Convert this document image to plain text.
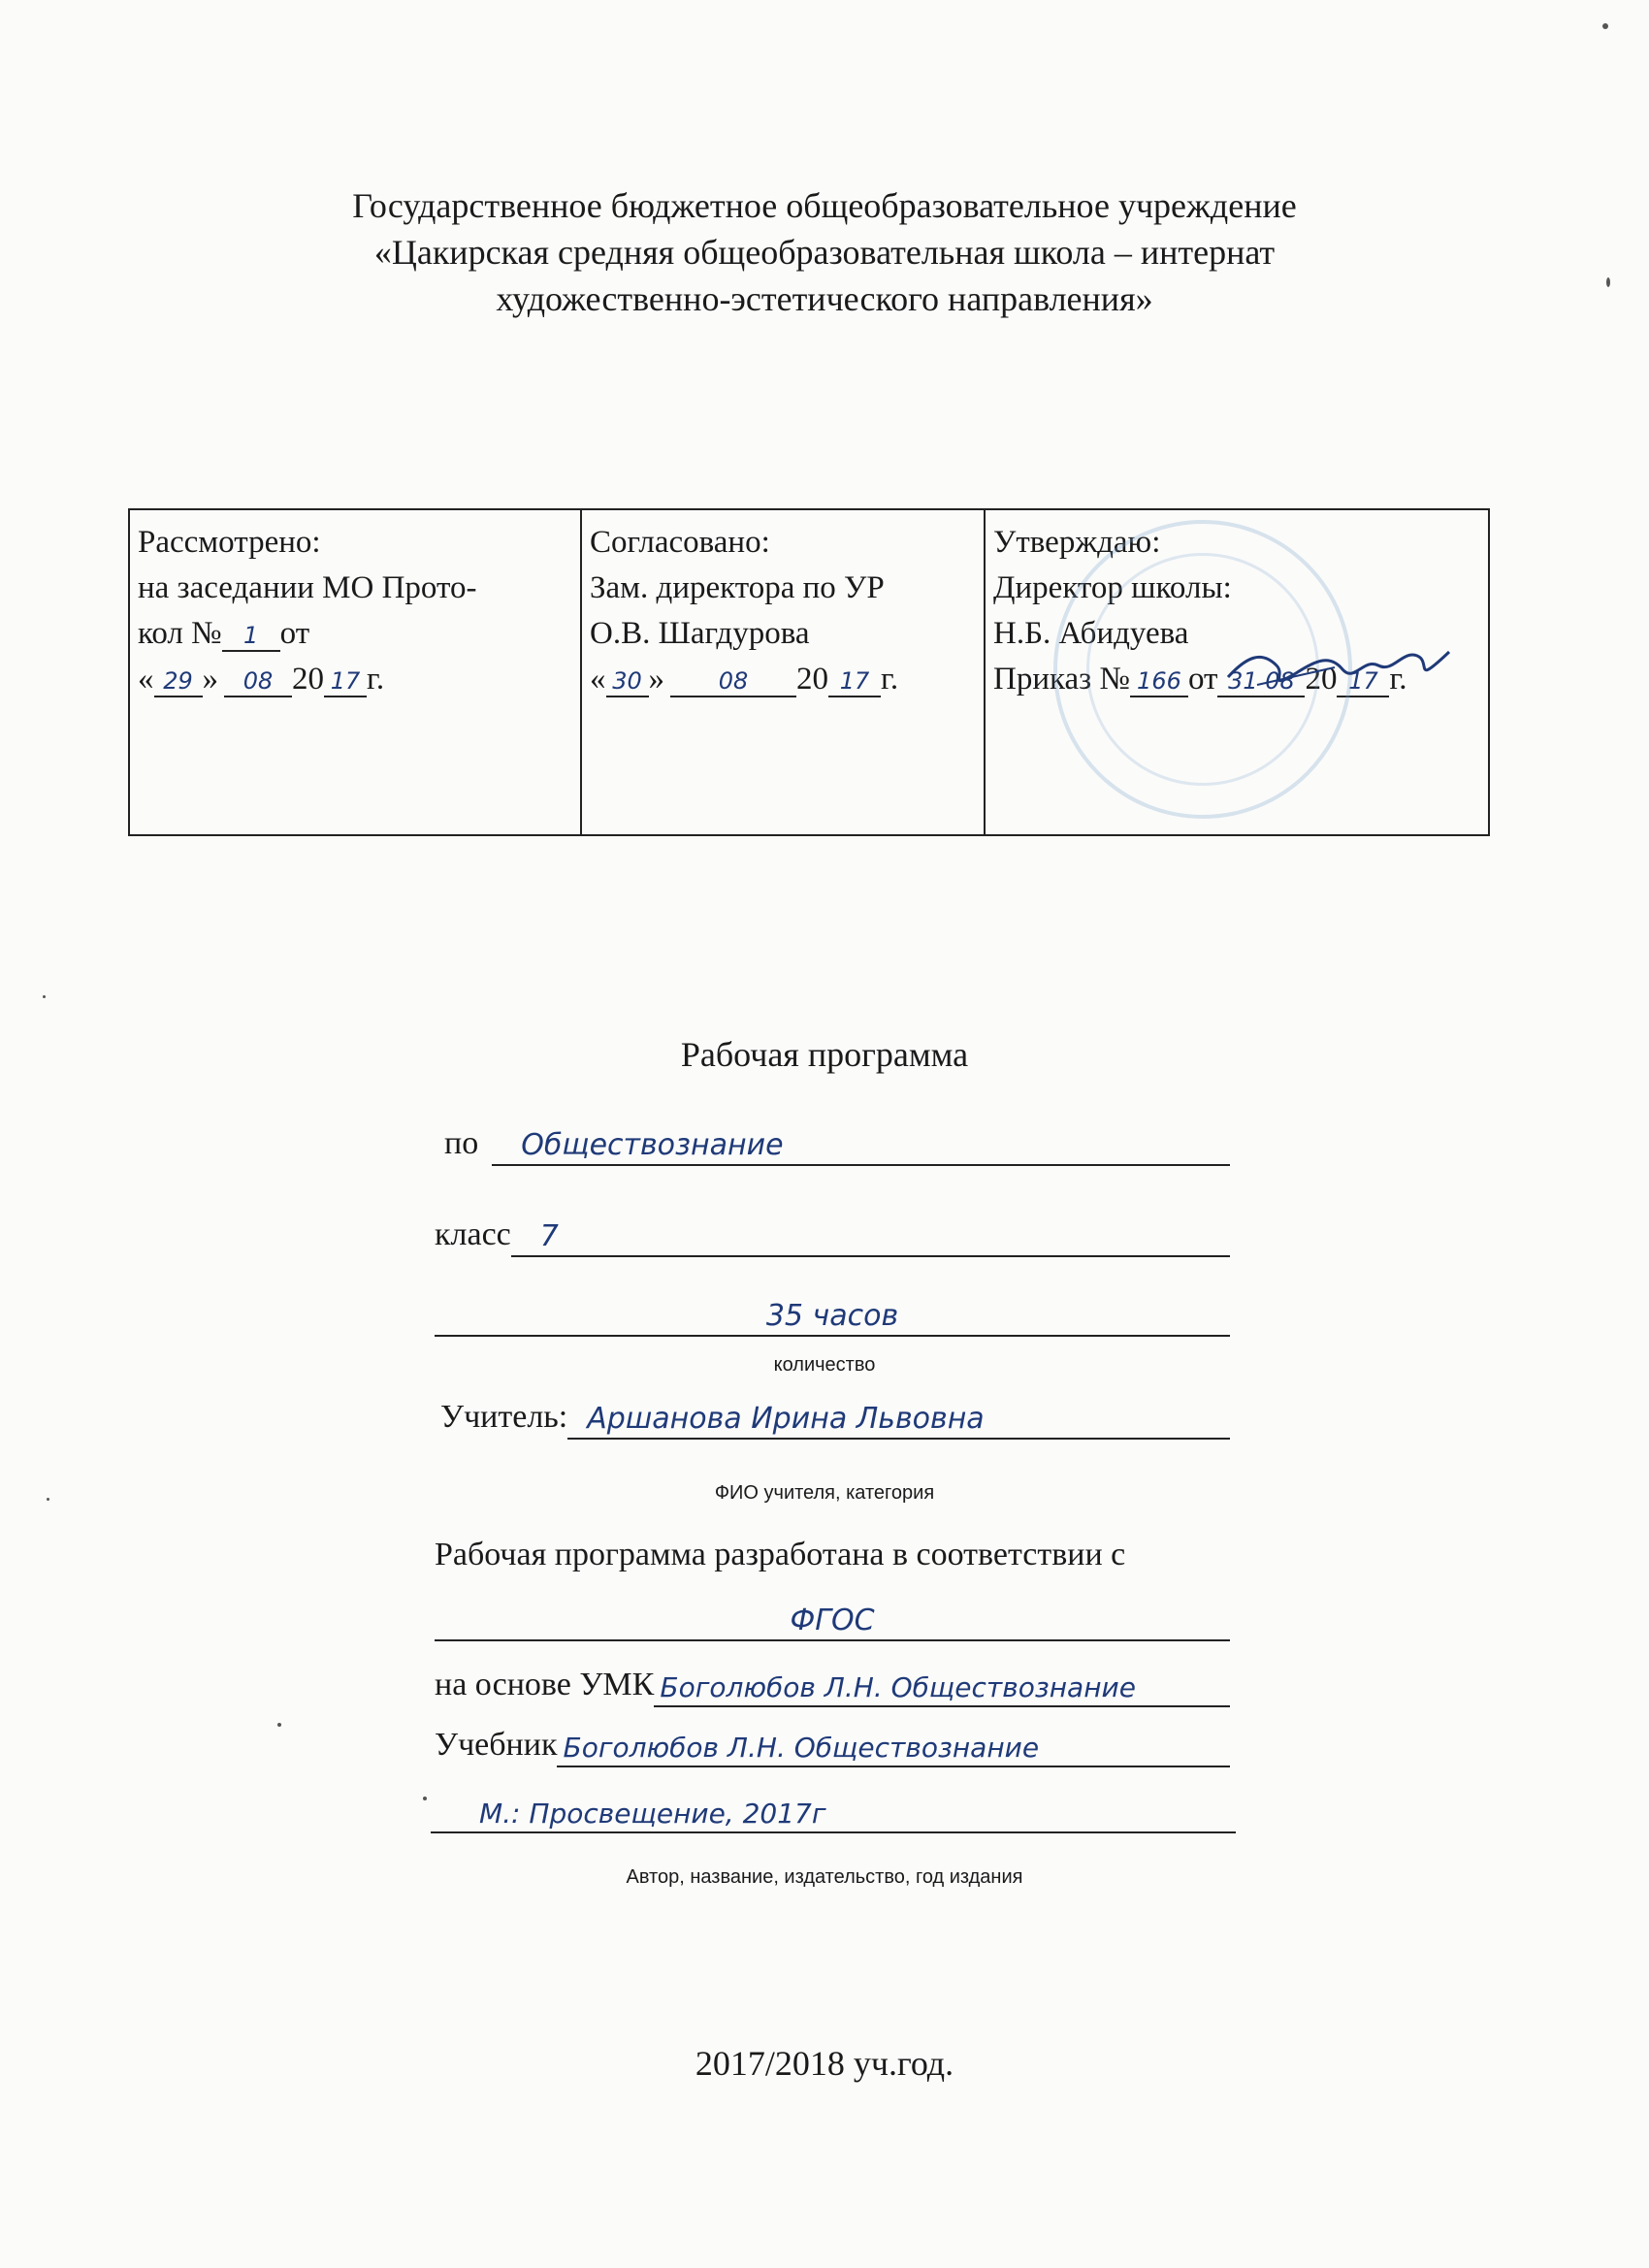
Государственное бюджетное общеобразовательное учреждение
«Цакирская средняя общеобразовательная школа – интернат
художественно-эстетического направления»
Рассмотрено:
на заседании МО Прото-
кол № 1 от
« 29 » 08 20 17 г.

Согласовано:
Зам. директора по УР
О.В. Шагдурова
« 30 » 08 20 17 г.

Утверждаю:
Директор школы:
Н.Б. Абидуева
Приказ № 166 от 31 08 20 17 г.
Рабочая программа
по	Обществознание
класс	7
35 часов
количество
Учитель: Аршанова Ирина Львовна
ФИО учителя, категория
Рабочая программа разработана в соответствии с
ФГОС
на основе УМК Боголюбов Л.Н. Обществознание
Учебник Боголюбов Л.Н. Обществознание
М.: Просвещение, 2017г
Автор, название, издательство, год издания
2017/2018 уч.год.
